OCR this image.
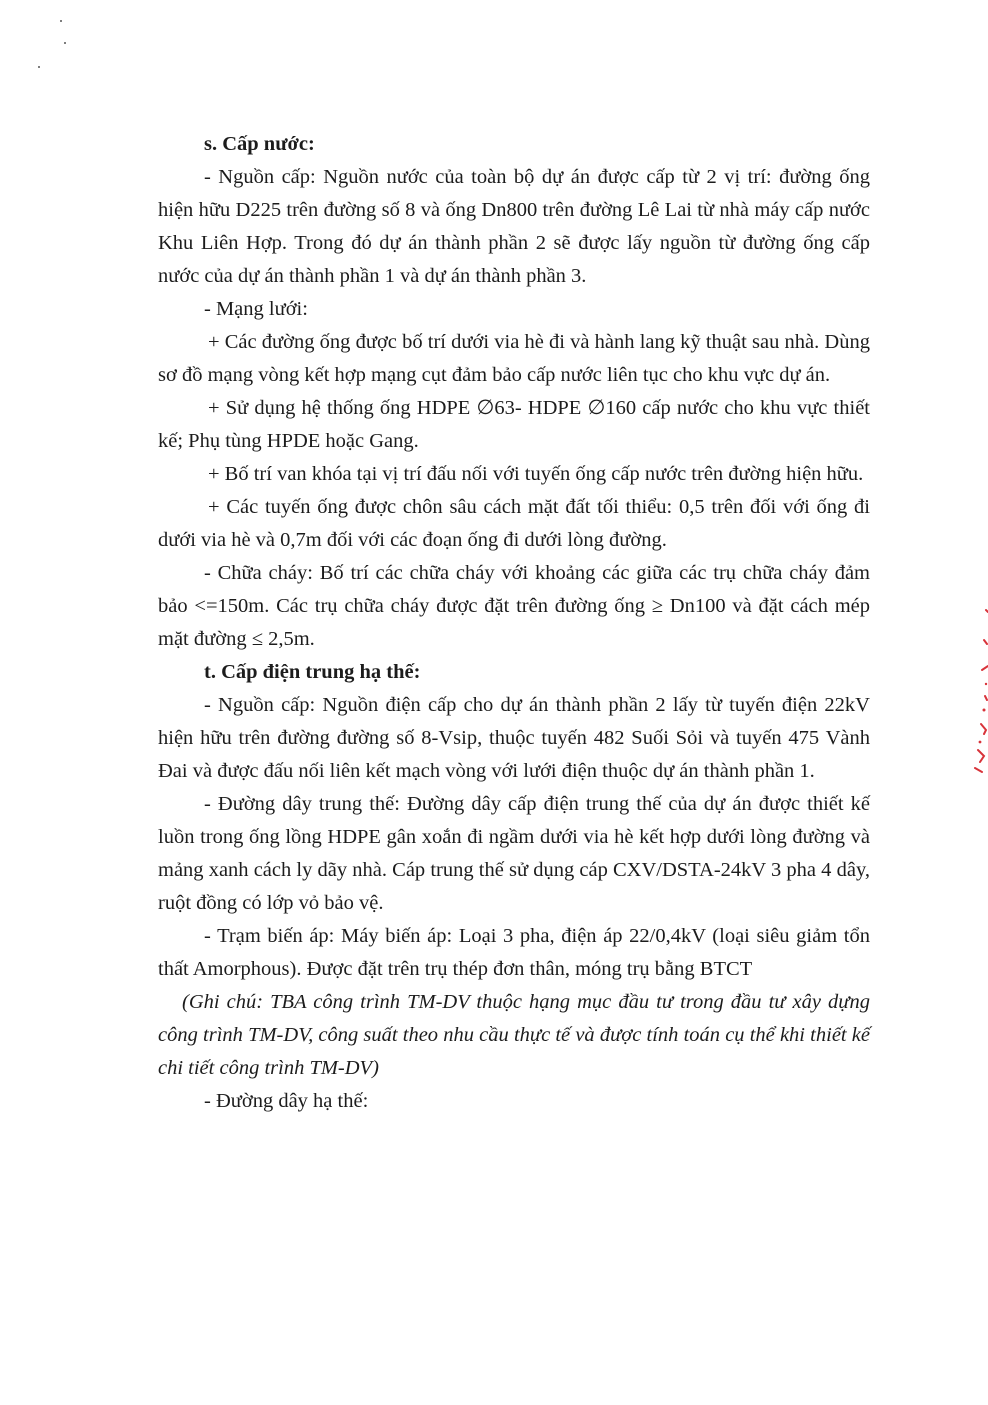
s. Cấp nước:

- Nguồn cấp: Nguồn nước của toàn bộ dự án được cấp từ 2 vị trí: đường ống hiện hữu D225 trên đường số 8 và ống Dn800 trên đường Lê Lai từ nhà máy cấp nước Khu Liên Hợp. Trong đó dự án thành phần 2 sẽ được lấy nguồn từ đường ống cấp nước của dự án thành phần 1 và dự án thành phần 3.

- Mạng lưới:

+ Các đường ống được bố trí dưới via hè đi và hành lang kỹ thuật sau nhà. Dùng sơ đồ mạng vòng kết hợp mạng cụt đảm bảo cấp nước liên tục cho khu vực dự án.

+ Sử dụng hệ thống ống HDPE ∅63- HDPE ∅160 cấp nước cho khu vực thiết kế; Phụ tùng HPDE hoặc Gang.

+ Bố trí van khóa tại vị trí đấu nối với tuyến ống cấp nước trên đường hiện hữu.

+ Các tuyến ống được chôn sâu cách mặt đất tối thiểu: 0,5 trên đối với ống đi dưới via hè và 0,7m đối với các đoạn ống đi dưới lòng đường.

- Chữa cháy: Bố trí các chữa cháy với khoảng các giữa các trụ chữa cháy đảm bảo <=150m. Các trụ chữa cháy được đặt trên đường ống ≥ Dn100 và đặt cách mép mặt đường ≤ 2,5m.

t. Cấp điện trung hạ thế:

- Nguồn cấp: Nguồn điện cấp cho dự án thành phần 2 lấy từ tuyến điện 22kV hiện hữu trên đường đường số 8-Vsip, thuộc tuyến 482 Suối Sỏi và tuyến 475 Vành Đai và được đấu nối liên kết mạch vòng với lưới điện thuộc dự án thành phần 1.

- Đường dây trung thế: Đường dây cấp điện trung thế của dự án được thiết kế luồn trong ống lồng HDPE gân xoắn đi ngầm dưới via hè kết hợp dưới lòng đường và mảng xanh cách ly dãy nhà. Cáp trung thế sử dụng cáp CXV/DSTA-24kV 3 pha 4 dây, ruột đồng có lớp vỏ bảo vệ.

- Trạm biến áp: Máy biến áp: Loại 3 pha, điện áp 22/0,4kV (loại siêu giảm tổn thất Amorphous). Được đặt trên trụ thép đơn thân, móng trụ bằng BTCT

(Ghi chú: TBA công trình TM-DV thuộc hạng mục đầu tư trong đầu tư xây dựng công trình TM-DV, công suất theo nhu cầu thực tế và được tính toán cụ thể khi thiết kế chi tiết công trình TM-DV)

- Đường dây hạ thế:
